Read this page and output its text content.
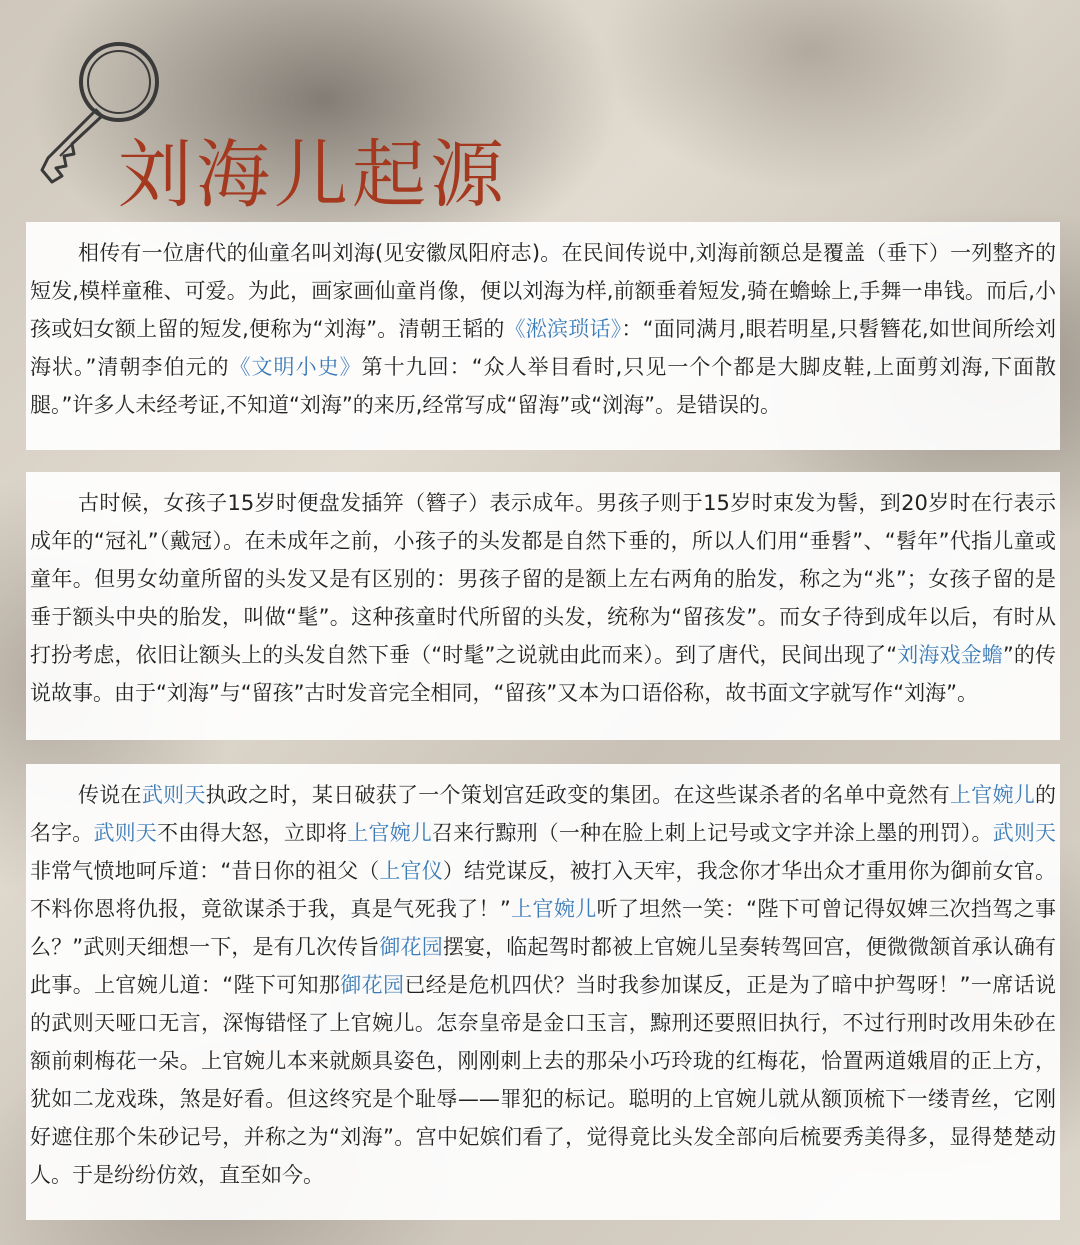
刘海儿起源

相传有一位唐代的仙童名叫刘海(见安徽凤阳府志)。在民间传说中,刘海前额总是覆盖（垂下）一列整齐的短发,模样童稚、可爱。为此，画家画仙童肖像，便以刘海为样,前额垂着短发,骑在蟾蜍上,手舞一串钱。而后,小孩或妇女额上留的短发,便称为“刘海”。清朝王韬的《淞滨琐话》：“面同满月,眼若明星,只髫簪花,如世间所绘刘海状。”清朝李伯元的《文明小史》第十九回：“众人举目看时,只见一个个都是大脚皮鞋,上面剪刘海,下面散腿。”许多人未经考证,不知道“刘海”的来历,经常写成“留海”或“浏海”。是错误的。

古时候，女孩子15岁时便盘发插笄（簪子）表示成年。男孩子则于15岁时束发为髻，到20岁时在行表示成年的“冠礼”（戴冠）。在未成年之前，小孩子的头发都是自然下垂的，所以人们用“垂髫”、“髫年”代指儿童或童年。但男女幼童所留的头发又是有区别的：男孩子留的是额上左右两角的胎发，称之为“兆”；女孩子留的是垂于额头中央的胎发，叫做“髦”。这种孩童时代所留的头发，统称为“留孩发”。而女子待到成年以后，有时从打扮考虑，依旧让额头上的头发自然下垂（“时髦”之说就由此而来）。到了唐代，民间出现了“刘海戏金蟾”的传说故事。由于“刘海”与“留孩”古时发音完全相同，“留孩”又本为口语俗称，故书面文字就写作“刘海”。

传说在武则天执政之时，某日破获了一个策划宫廷政变的集团。在这些谋杀者的名单中竟然有上官婉儿的名字。武则天不由得大怒，立即将上官婉儿召来行黥刑（一种在脸上刺上记号或文字并涂上墨的刑罚）。武则天非常气愤地呵斥道：“昔日你的祖父（上官仪）结党谋反，被打入天牢，我念你才华出众才重用你为御前女官。不料你恩将仇报，竟欲谋杀于我，真是气死我了！”上官婉儿听了坦然一笑：“陛下可曾记得奴婢三次挡驾之事么？”武则天细想一下，是有几次传旨御花园摆宴，临起驾时都被上官婉儿呈奏转驾回宫，便微微颔首承认确有此事。上官婉儿道：“陛下可知那御花园已经是危机四伏？当时我参加谋反，正是为了暗中护驾呀！”一席话说的武则天哑口无言，深悔错怪了上官婉儿。怎奈皇帝是金口玉言，黥刑还要照旧执行，不过行刑时改用朱砂在额前刺梅花一朵。上官婉儿本来就颇具姿色，刚刚刺上去的那朵小巧玲珑的红梅花，恰置两道娥眉的正上方，犹如二龙戏珠，煞是好看。但这终究是个耻辱——罪犯的标记。聪明的上官婉儿就从额顶梳下一缕青丝，它刚好遮住那个朱砂记号，并称之为“刘海”。宫中妃嫔们看了，觉得竟比头发全部向后梳要秀美得多，显得楚楚动人。于是纷纷仿效，直至如今。
